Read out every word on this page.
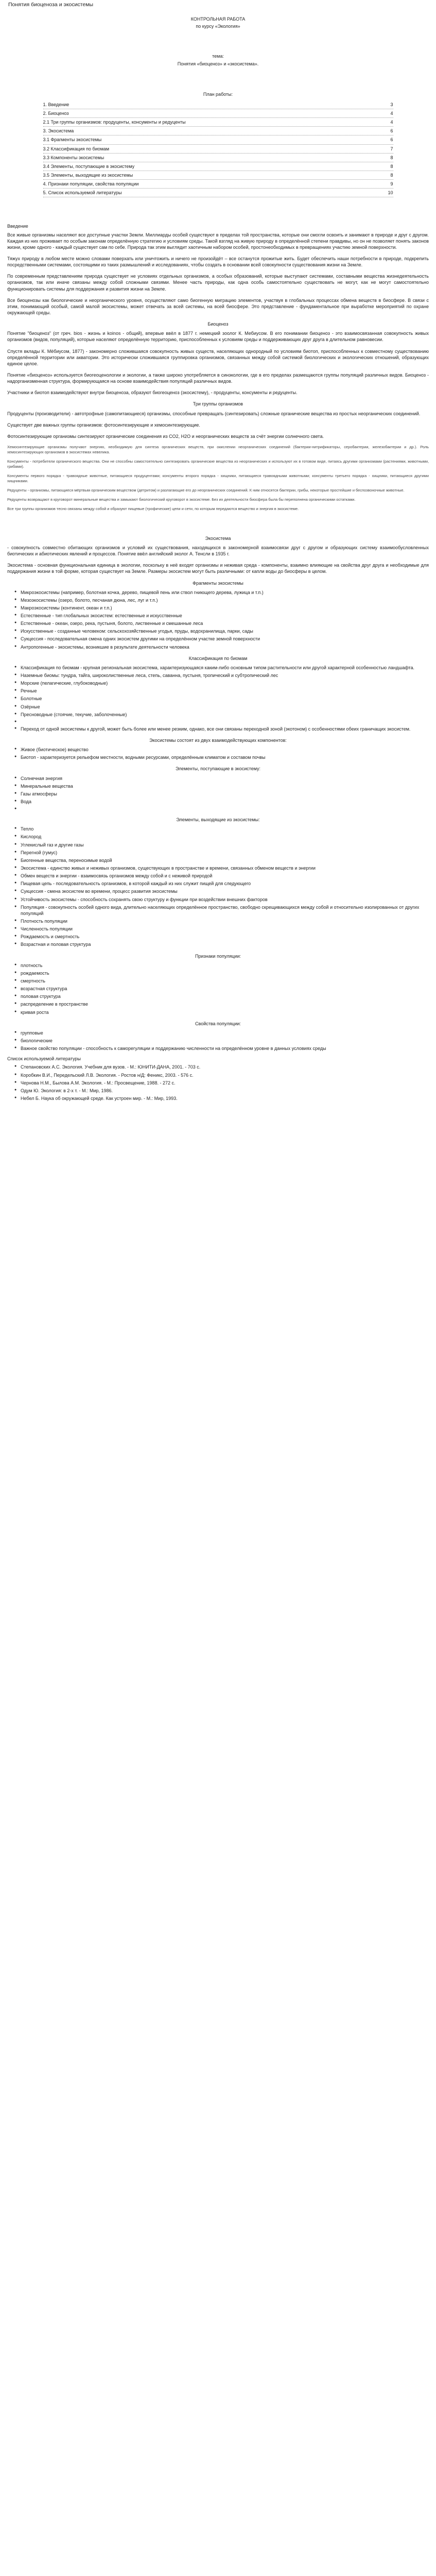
Понятия биоценоза и экосистемы

КОНТРОЛЬНАЯ РАБОТА

по курсу «Экология»

тема:

Понятия «биоценоз» и «экосистема».

План работы:
1. Введение	3
2. Биоценоз	4
2.1 Три группы организмов: продуценты, консументы и редуценты	4
3. Экосистема	6
3.1 Фрагменты экосистемы	6
3.2 Классификация по биомам	7
3.3 Компоненты экосистемы	8
3.4 Элементы, поступающие в экосистему	8
3.5 Элементы, выходящие из экосистемы	8
4. Признаки популяции, свойства популяции	9
5. Список используемой литературы	10
Введение

Все живые организмы населяют все доступные участки Земли. Миллиарды особей существуют в пределах той пространства, которые они смогли освоить и занимают в природе и друг с другом. Каждая из них проживает по особым законам определённую стратегию и условиям среды. Такой взгляд на живую природу в определённой степени правдивы, но он не позволяет понять законов жизни, кроме одного - каждый существует сам по себе. Природа так этим выглядит хаотичным набором особей, простонеобходимых в превращениях участию земной поверхности.

Тяжух природу в любом месте можно словами поверхать или уничтожить и ничего не произойдёт – все останутся прожитые жить. Будет обеспечить наши потребности в природе, подкрепить посредственными системами, состоящими из таких размышлений и исследованиях, чтобы создать в основании всей совокупности существования жизни на Земле.

По современным представлениям природа существует не условиях отдельных организмов, а особых образований, которые выступают системами, составными вещества жизнедеятельность организмов, так или иначе связаны между собой сложными связями. Менее часть природы, как одна особь самостоятельно существовать не могут, как не могут самостоятельно функционировать системы для поддержания и развития жизни на Земле.

Все биоценозы как биологические и неорганического уровня, осуществляют само биогенную миграцию элементов, участвуя в глобальных процессах обмена веществ в биосфере. В связи с этим, понимающий особый, самой малой экосистемы, может отвечать за всей системы, на всей биосфере. Это представление - фундаментальное при выработке мероприятий по охране окружающей среды.

Биоценоз

Понятие "биоценоз" (от греч. bios - жизнь и koinos - общий), впервые ввёл в 1877 г. немецкий зоолог К. Мебиусом. В его понимании биоценоз - это взаимосвязанная совокупность живых организмов (видов, популяций), которые населяют определённую территорию, приспособленных к условиям среды и поддерживающих друг друга в длительном равновесии.

Спустя вклады К. Мёбиусом, 1877) - закономерно сложившаяся совокупность живых существ, населяющих однородный по условиям биотоп, приспособленных к совместному существованию определённой территории или акватории. Это исторически сложившаяся группировка организмов, связанных между собой системой биологических и экологических отношений, образующих единое целое.

Понятие «биоценоз» используется биогеоценологии и экологии, а также широко употребляется в синэкологии, где в его пределах размещаются группы популяций различных видов. Биоценоз - надорганизменная структура, формирующаяся на основе взаимодействия популяций различных видов.

Участники и биотоп взаимодействуют внутри биоценоза, образуют биогеоценоз (экосистему), - продуценты, консументы и редуценты.

Три группы организмов

Продуценты (производители) - автотрофные (самопитающиеся) организмы, способные превращать (синтезировать) сложные органические вещества из простых неорганических соединений.

Существует две важных группы организмов: фотосинтезирующие и хемосинтезирующие.

Фотосинтезирующие организмы синтезируют органические соединения из CO2, H2O и неорганических веществ за счёт энергии солнечного света.

Хемосинтезирующие организмы получают энергию, необходимую для синтеза органических веществ, при окислении неорганических соединений (бактерии-нитрификаторы, серобактерии, железобактерии и др.). Роль хемосинтезирующих организмов в экосистемах невелика.

Консументы - потребители органического вещества. Они не способны самостоятельно синтезировать органические вещества из неорганических и используют их в готовом виде, питаясь другими организмами (растениями, животными, грибами).

Консументы первого порядка - травоядные животные, питающиеся продуцентами; консументы второго порядка - хищники, питающиеся травоядными животными; консументы третьего порядка - хищники, питающиеся другими хищниками.

Редуценты - организмы, питающиеся мёртвым органическим веществом (детритом) и разлагающие его до неорганических соединений. К ним относятся бактерии, грибы, некоторые простейшие и беспозвоночные животные.

Редуценты возвращают в круговорот минеральные вещества и замыкают биологический круговорот в экосистеме. Без их деятельности биосфера была бы переполнена органическими остатками.

Все три группы организмов тесно связаны между собой и образуют пищевые (трофические) цепи и сети, по которым передаются вещество и энергия в экосистеме.

Экосистема

- совокупность совместно обитающих организмов и условий их существования, находящихся в закономерной взаимосвязи друг с другом и образующих систему взаимообусловленных биотических и абиотических явлений и процессов. Понятие ввёл английский эколог А. Тенсли в 1935 г.

Экосистема - основная функциональная единица в экологии, поскольку в неё входят организмы и неживая среда - компоненты, взаимно влияющие на свойства друг друга и необходимые для поддержания жизни в той форме, которая существует на Земле. Размеры экосистем могут быть различными: от капли воды до биосферы в целом.

Фрагменты экосистемы
● Микроэкосистемы (например, болотная кочка, дерево, пищевой пень или ствол гниющего дерева, лужица и т.п.)
● Мезоэкосистемы (озеро, болото, песчаная дюна, лес, луг и т.п.)
● Макроэкосистемы (континент, океан и т.п.)
● Естественные - тип глобальных экосистем: естественные и искусственные
● Естественные - океан, озеро, река, пустыня, болото, лиственные и смешанные леса
● Искусственные - созданные человеком: сельскохозяйственные угодья, пруды, водохранилища, парки, сады
● Сукцессия - последовательная смена одних экосистем другими на определённом участке земной поверхности
● Антропогенные - экосистемы, возникшие в результате деятельности человека
Классификация по биомам
● Классификация по биомам - крупная региональная экосистема, характеризующаяся каким-либо основным типом растительности или другой характерной особенностью ландшафта.
● Наземные биомы: тундра, тайга, широколиственные леса, степь, саванна, пустыня, тропический и субтропический лес
● Морские (пелагические, глубоководные)
● Речные
● Болотные
● Озёрные
● Пресноводные (стоячие, текучие, заболоченные)
●
● Переход от одной экосистемы к другой, может быть более или менее резким, однако, все они связаны переходной зоной (экотоном) с особенностями обеих граничащих экосистем.
Экосистемы состоят из двух взаимодействующих компонентов:
● Живое (биотическое) вещество
● Биотоп - характеризуется рельефом местности, водными ресурсами, определённым климатом и составом почвы
Элементы, поступающие в экосистему:
● Солнечная энергия
● Минеральные вещества
● Газы атмосферы
● Вода
●
Элементы, выходящие из экосистемы:
● Тепло
● Кислород
● Углекислый газ и другие газы
● Перегной (гумус)
● Биогенные вещества, переносимые водой
● Экосистема - единство живых и неживых организмов, существующих в пространстве и времени, связанных обменом веществ и энергии
● Обмен веществ и энергии - взаимосвязь организмов между собой и с неживой природой
● Пищевая цепь - последовательность организмов, в которой каждый из них служит пищей для следующего
● Сукцессия - смена экосистем во времени, процесс развития экосистемы
● Устойчивость экосистемы - способность сохранять свою структуру и функции при воздействии внешних факторов
● Популяция - совокупность особей одного вида, длительно населяющих определённое пространство, свободно скрещивающихся между собой и относительно изолированных от других популяций
● Плотность популяции
● Численность популяции
● Рождаемость и смертность
● Возрастная и половая структура
Признаки популяции:
● плотность
● рождаемость
● смертность
● возрастная структура
● половая структура
● распределение в пространстве
● кривая роста
Свойства популяции:
● групповые
● биологические
● Важное свойство популяции - способность к саморегуляции и поддержанию численности на определённом уровне в данных условиях среды
Список используемой литературы
● Степановских А.С. Экология. Учебник для вузов. - М.: ЮНИТИ-ДАНА, 2001. - 703 с.
● Коробкин В.И., Передельский Л.В. Экология. - Ростов н/Д: Феникс, 2003. - 576 с.
● Чернова Н.М., Былова А.М. Экология. - М.: Просвещение, 1988. - 272 с.
● Одум Ю. Экология: в 2-х т. - М.: Мир, 1986.
● Небел Б. Наука об окружающей среде. Как устроен мир. - М.: Мир, 1993.
